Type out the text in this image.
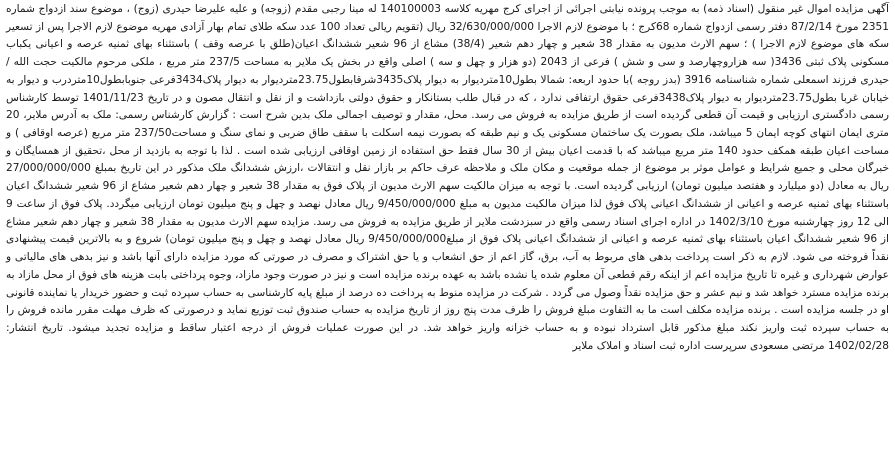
آگهی مزایده اموال غیر منقول (اسناد ذمه) به موجب پرونده نیابتی اجرائی از اجرای کرج مهریه کلاسه 140100003 له مینا رجبی مقدم (زوجه) و علیه علیرضا حیدری (زوج) ، موضوع سند ازدواج شماره 2351 مورخ 87/2/14 دفتر رسمی ازدواج شماره 68کرج ؛ با موضوع لازم الاجرا 32/630/000/000 ریال (تقویم ریالی تعداد 100 عدد سکه طلای تمام بهار آزادی مهریه موضوع لازم الاجرا پس از تسعیر سکه های موضوع لازم الاجرا ) ؛ سهم الارث مدیون به مقدار 38 شعیر و چهار دهم شعیر (38/4) مشاع از 96 شعیر ششدانگ اعیان(طلق با عرصه وقف ) باستثناء بهای ثمنیه عرصه و اعیانی یکباب مسکونی پلاک ثبتی 3436( سه هزاروچهارصد و سی و شش ) فرعی از 2043 (دو هزار و چهل و سه ) اصلی واقع در بخش یک ملایر به مساحت 237/5 متر مربع ، ملکی مرحوم مالکیت حجت الله / حیدری فرزند اسمعلی شماره شناسنامه 3916 (بدز روجه )با حدود اربعه: شمالا بطول10متردیوار به دیوار پلاک3435شرقابطول23.75متردیوار به دیوار پلاک3434فرعی جنوبابطول10متردرب و دیوار به خیابان غربا بطول23.75متردیوار به دیوار پلاک3438فرعی حقوق ارتفاقی ندارد ، که در قبال طلب بستانکار و حقوق دولتی بازداشت و از نقل و انتقال مصون و در تاریخ 1401/11/23 توسط کارشناس رسمی دادگستری ارزیابی و قیمت آن قطعی گردیده است از طریق مزایده به فروش می رسد. محل، مقدار و توصیف اجمالی ملک بدین شرح است : گزارش کارشناس رسمی: ملک به آدرس ملایر، 20 متری ایمان انتهای کوچه ایمان 5 میباشد، ملک بصورت یک ساختمان مسکونی یک و نیم طبقه که بصورت نیمه اسکلت با سقف طاق ضربی و نمای سنگ و مساحت237/50 متر مربع (عرصه اوقافی ) و مساحت اعیان طبقه همکف حدود 140 متر مربع میباشد که با قدمت اعیان بیش از 30 سال فقط حق استفاده از زمین اوقافی ارزیابی شده است . لذا با توجه به بازدید از محل ،تحقیق از همسایگان و خبرگان محلی و جمیع شرایط و عوامل موثر بر موضوع از جمله موقعیت و مکان ملک و ملاحظه عرف حاکم بر بازار نقل و انتقالات ،ارزش ششدانگ ملک مذکور در این تاریخ بمبلغ 27/000/000/000 ریال به معادل (دو میلیارد و هفتصد میلیون تومان) ارزیابی گردیده است. با توجه به میزان مالکیت سهم الارث مدیون از پلاک فوق به مقدار 38 شعیر و چهار دهم شعیر مشاع از 96 شعیر ششدانگ اعیان باستثناء بهای ثمنیه عرصه و اعیانی از ششدانگ اعیانی پلاک فوق لذا میزان مالکیت مدیون به مبلغ 9/450/000/000 ریال معادل نهصد و چهل و پنج میلیون تومان ارزیابی میگردد. پلاک فوق از ساعت 9 الی 12 روز چهارشنبه مورخ 1402/3/10 در اداره اجرای اسناد رسمی واقع در سبزدشت ملایر از طریق مزایده به فروش می رسد. مزایده سهم الارث مدیون به مقدار 38 شعیر و چهار دهم شعیر مشاع از 96 شعیر ششدانگ اعیان باستثناء بهای ثمنیه عرصه و اعیانی از ششدانگ اعیانی پلاک فوق از مبلغ9/450/000/000 ریال معادل نهصد و چهل و پنج میلیون تومان) شروع و به بالاترین قیمت پیشنهادی نقداً فروخته می شود. لازم به ذکر است پرداخت بدهی های مربوط به آب، برق، گاز اعم از حق انشعاب و یا حق اشتراک و مصرف در صورتی که مورد مزایده دارای آنها باشد و نیز بدهی های مالیاتی و عوارض شهرداری و غیره تا تاریخ مزایده اعم از اینکه رقم قطعی آن معلوم شده یا نشده باشد به عهده برنده مزایده است و نیز در صورت وجود مازاد، وجوه پرداختی بابت هزینه های فوق از محل مازاد به برنده مزایده مسترد خواهد شد و نیم عشر و حق مزایده نقداً وصول می گردد . شرکت در مزایده منوط به پرداخت ده درصد از مبلغ پایه کارشناسی به حساب سپرده ثبت و حضور خریدار یا نماینده قانونی او در جلسه مزایده است . برنده مزایده مکلف است ما به التفاوت مبلغ فروش را ظرف مدت پنج روز از تاریخ مزایده به حساب صندوق ثبت توزیع نماید و درصورتی که ظرف مهلت مقرر مانده فروش را به حساب سپرده ثبت واریز نکند مبلغ مذکور قابل استرداد نبوده و به حساب خزانه واریز خواهد شد. در این صورت عملیات فروش از درجه اعتبار ساقط و مزایده تجدید میشود. تاریخ انتشار: 1402/02/28 مرتضی مسعودی سرپرست اداره ثبت اسناد و املاک ملایر
